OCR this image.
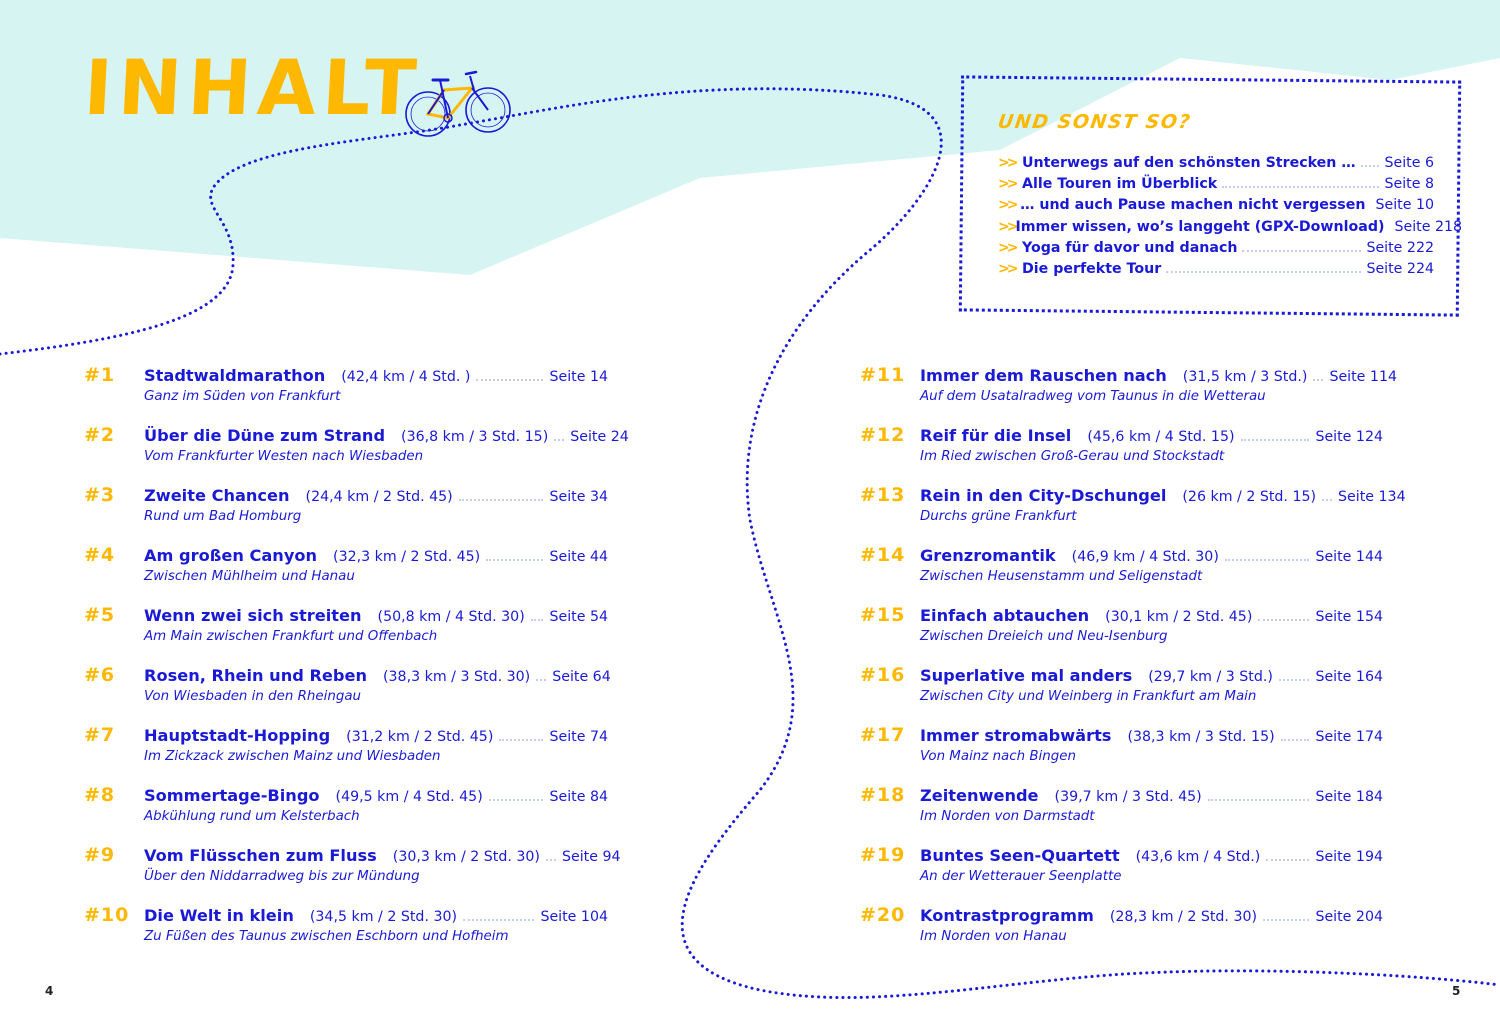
INHALT	UND SONST SO?
>> Unterwegs auf den schönsten Strecken … Seite 6
>> Alle Touren im Überblick	Seite 8
>> … und auch Pause machen nicht vergessen Seite 10
>> Immer wissen, wo’s langgeht (GPX-Download) Seite 218
>> Yoga für davor und danach	Seite 222
>> Die perfekte Tour	Seite 224
#1 Stadtwaldmarathon (42,4 km / 4 Std. )	Seite 14
Ganz im Süden von Frankfurt
#2 Über die Düne zum Strand (36,8 km / 3 Std. 15) Seite 24
Vom Frankfurter Westen nach Wiesbaden
#3 Zweite Chancen (24,4 km / 2 Std. 45)	Seite 34
Rund um Bad Homburg
#4 Am großen Canyon (32,3 km / 2 Std. 45)	Seite 44
Zwischen Mühlheim und Hanau
#5 Wenn zwei sich streiten (50,8 km / 4 Std. 30) Seite 54
Am Main zwischen Frankfurt und Offenbach
#6 Rosen, Rhein und Reben (38,3 km / 3 Std. 30) Seite 64
Von Wiesbaden in den Rheingau
#7 Hauptstadt-Hopping (31,2 km / 2 Std. 45)	Seite 74
Im Zickzack zwischen Mainz und Wiesbaden
#8 Sommertage-Bingo (49,5 km / 4 Std. 45)	Seite 84
Abkühlung rund um Kelsterbach
#9 Vom Flüsschen zum Fluss (30,3 km / 2 Std. 30) Seite 94
Über den Niddarradweg bis zur Mündung
#10 Die Welt in klein (34,5 km / 2 Std. 30)	Seite 104
Zu Füßen des Taunus zwischen Eschborn und Hofheim
#11 Immer dem Rauschen nach (31,5 km / 3 Std.) Seite 114
Auf dem Usatalradweg vom Taunus in die Wetterau
#12 Reif für die Insel (45,6 km / 4 Std. 15)	Seite 124
Im Ried zwischen Groß-Gerau und Stockstadt
#13 Rein in den City-Dschungel (26 km / 2 Std. 15) Seite 134
Durchs grüne Frankfurt
#14 Grenzromantik (46,9 km / 4 Std. 30)	Seite 144
Zwischen Heusenstamm und Seligenstadt
#15 Einfach abtauchen (30,1 km / 2 Std. 45)	Seite 154
Zwischen Dreieich und Neu-Isenburg
#16 Superlative mal anders (29,7 km / 3 Std.)	Seite 164
Zwischen City und Weinberg in Frankfurt am Main
#17 Immer stromabwärts (38,3 km / 3 Std. 15)	Seite 174
Von Mainz nach Bingen
#18 Zeitenwende (39,7 km / 3 Std. 45)	Seite 184
Im Norden von Darmstadt
#19 Buntes Seen-Quartett (43,6 km / 4 Std.)	Seite 194
An der Wetterauer Seenplatte
#20 Kontrastprogramm (28,3 km / 2 Std. 30)	Seite 204
Im Norden von Hanau
4	5
